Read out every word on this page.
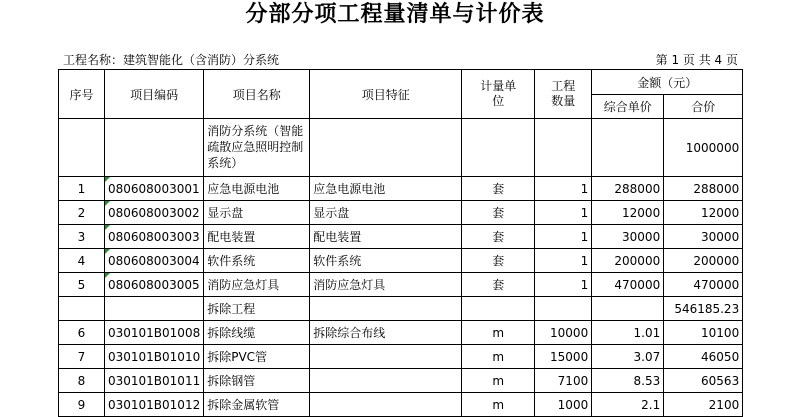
分部分项工程量清单与计价表
工程名称：建筑智能化（含消防）分系统	第 1 页 共 4 页
序号	项目编码	项目名称	项目特征	计量单位	工程数量	金额（元）	
						综合单价	合价
		消防分系统（智能疏散应急照明控制系统）					1000000
1	080608003001	应急电源电池	应急电源电池	套	1	288000	288000
2	080608003002	显示盘	显示盘	套	1	12000	12000
3	080608003003	配电装置	配电装置	套	1	30000	30000
4	080608003004	软件系统	软件系统	套	1	200000	200000
5	080608003005	消防应急灯具	消防应急灯具	套	1	470000	470000
		拆除工程					546185.23
6	030101B01008	拆除线缆	拆除综合布线	m	10000	1.01	10100
7	030101B01010	拆除PVC管		m	15000	3.07	46050
8	030101B01011	拆除钢管		m	7100	8.53	60563
9	030101B01012	拆除金属软管		m	1000	2.1	2100
